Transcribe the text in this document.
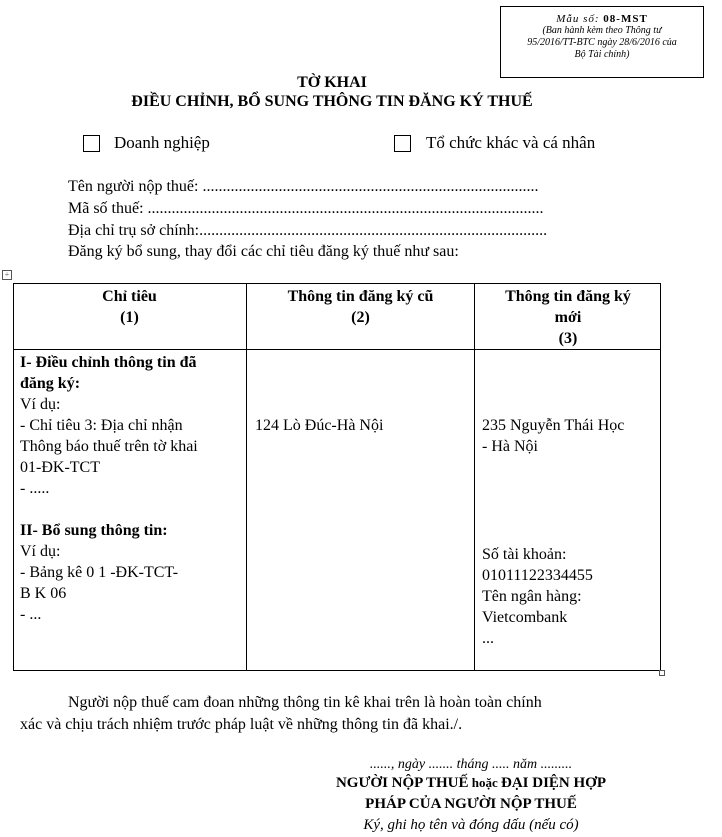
Mẫu số: 08-MST
(Ban hành kèm theo Thông tư
95/2016/TT-BTC ngày 28/6/2016 của
Bộ Tài chính)
TỜ KHAI
ĐIỀU CHỈNH, BỔ SUNG THÔNG TIN ĐĂNG KÝ THUẾ
Doanh nghiệp	Tổ chức khác và cá nhân
Tên người nộp thuế: ....................................................................................
Mã số thuế: ...................................................................................................
Địa chỉ trụ sở chính:.......................................................................................
Đăng ký bổ sung, thay đổi các chỉ tiêu đăng ký thuế như sau:
+
Chỉ tiêu
(1)
Thông tin đăng ký cũ
(2)
Thông tin đăng ký
mới
(3)
I- Điều chỉnh thông tin đã
đăng ký:
Ví dụ:
- Chỉ tiêu 3: Địa chỉ nhận
Thông báo thuế trên tờ khai
01-ĐK-TCT
- .....
II- Bổ sung thông tin:
Ví dụ:
- Bảng kê 0 1 -ĐK-TCT-
B K 06
- ...
124 Lò Đúc-Hà Nội	235 Nguyễn Thái Học
- Hà Nội
Số tài khoản:
01011122334455
Tên ngân hàng:
Vietcombank
...
Người nộp thuế cam đoan những thông tin kê khai trên là hoàn toàn chính
xác và chịu trách nhiệm trước pháp luật về những thông tin đã khai./.
......, ngày ....... tháng ..... năm .........
NGƯỜI NỘP THUẾ hoặc ĐẠI DIỆN HỢP
PHÁP CỦA NGƯỜI NỘP THUẾ
Ký, ghi họ tên và đóng dấu (nếu có)
